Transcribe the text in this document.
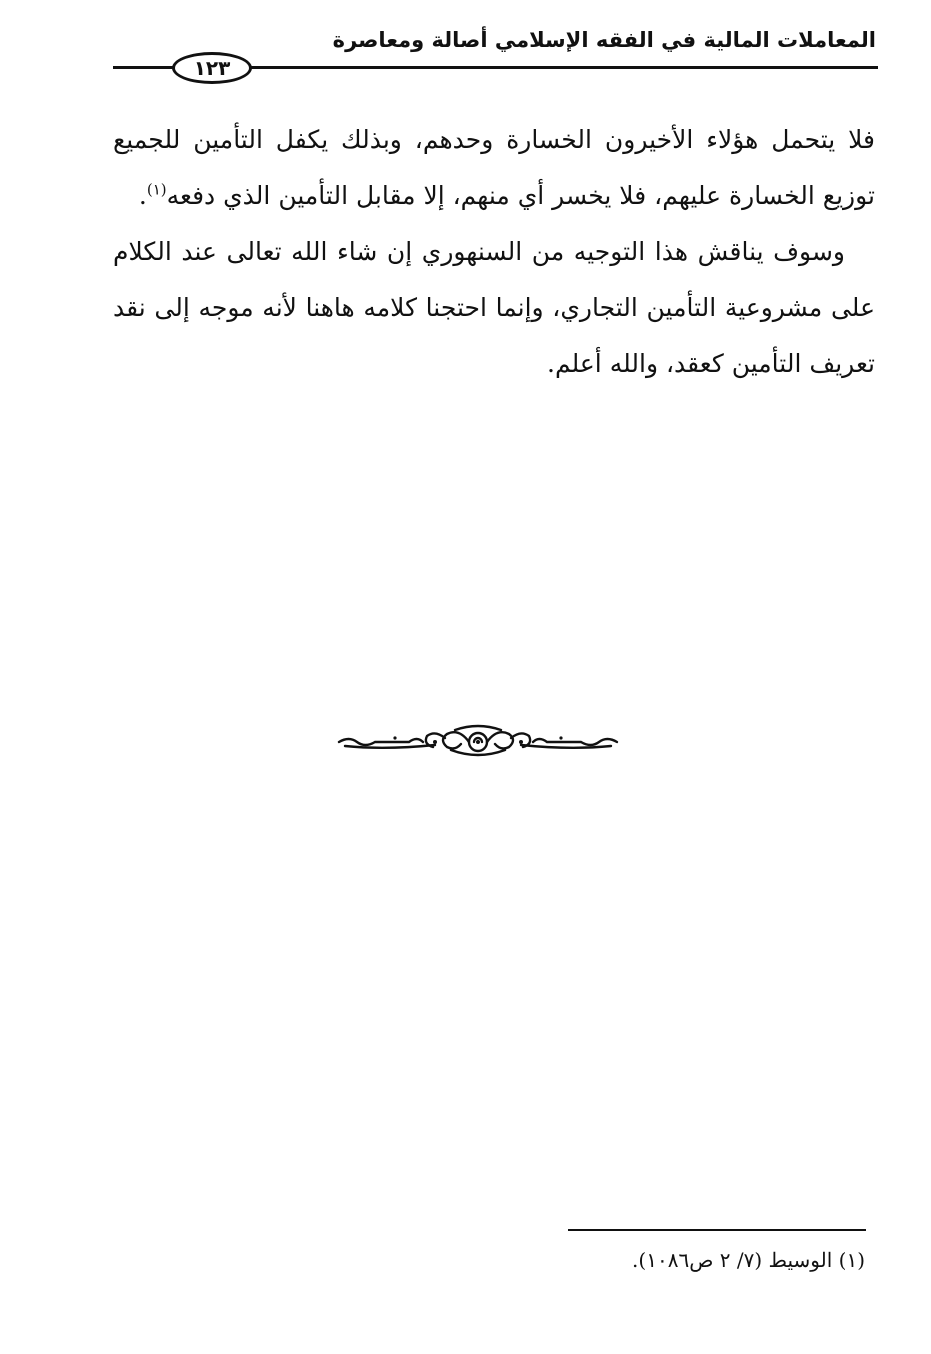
المعاملات المالية في الفقه الإسلامي أصالة ومعاصرة
١٢٣

فلا يتحمل هؤلاء الأخيرون الخسارة وحدهم، وبذلك يكفل التأمين للجميع توزيع الخسارة عليهم، فلا يخسر أي منهم، إلا مقابل التأمين الذي دفعه$^{(١)}$.

وسوف يناقش هذا التوجيه من السنهوري إن شاء الله تعالى عند الكلام على مشروعية التأمين التجاري، وإنما احتجنا كلامه هاهنا لأنه موجه إلى نقد تعريف التأمين كعقد، والله أعلم.

(١) الوسيط (٧/ ٢ ص١٠٨٦).
